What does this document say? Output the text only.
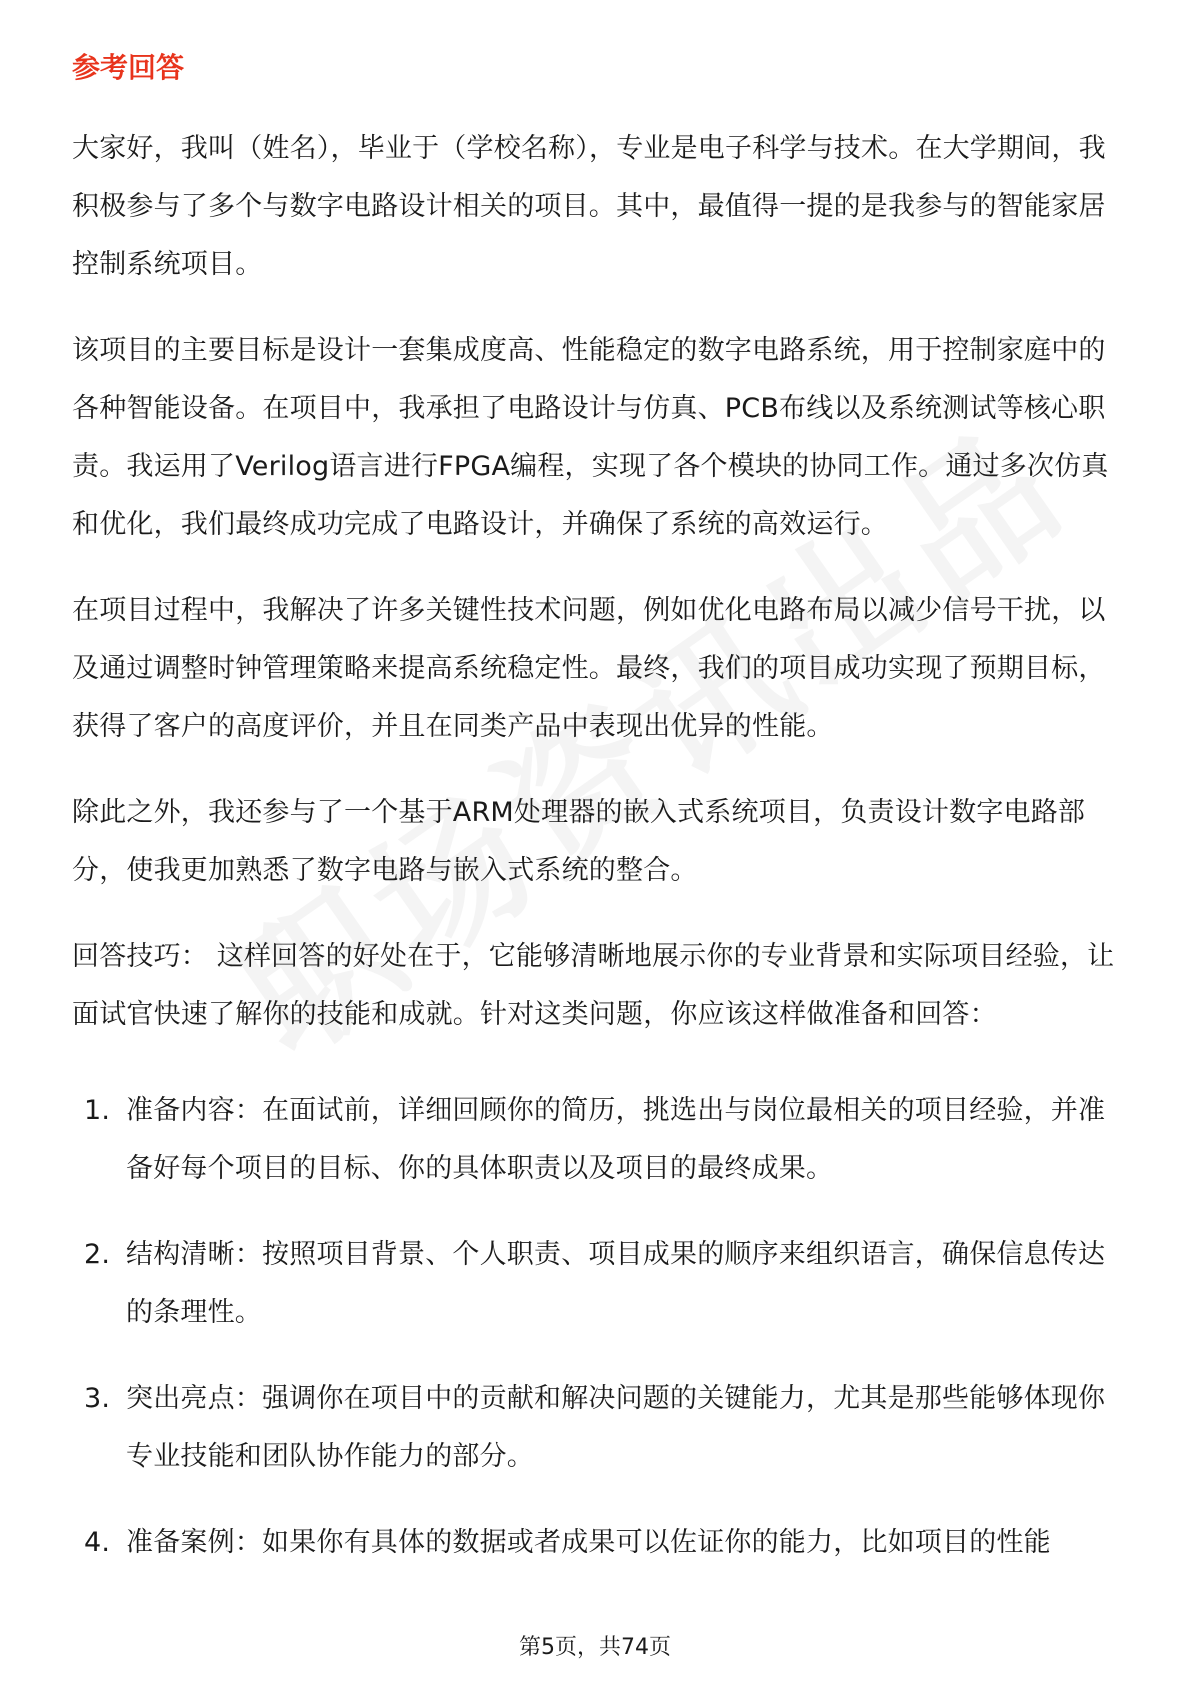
参考回答

大家好，我叫（姓名），毕业于（学校名称），专业是电子科学与技术。在大学期间，我积极参与了多个与数字电路设计相关的项目。其中，最值得一提的是我参与的智能家居控制系统项目。

该项目的主要目标是设计一套集成度高、性能稳定的数字电路系统，用于控制家庭中的各种智能设备。在项目中，我承担了电路设计与仿真、PCB布线以及系统测试等核心职责。我运用了Verilog语言进行FPGA编程，实现了各个模块的协同工作。通过多次仿真和优化，我们最终成功完成了电路设计，并确保了系统的高效运行。

在项目过程中，我解决了许多关键性技术问题，例如优化电路布局以减少信号干扰，以及通过调整时钟管理策略来提高系统稳定性。最终，我们的项目成功实现了预期目标，获得了客户的高度评价，并且在同类产品中表现出优异的性能。

除此之外，我还参与了一个基于ARM处理器的嵌入式系统项目，负责设计数字电路部分，使我更加熟悉了数字电路与嵌入式系统的整合。

回答技巧： 这样回答的好处在于，它能够清晰地展示你的专业背景和实际项目经验，让面试官快速了解你的技能和成就。针对这类问题，你应该这样做准备和回答：

1. 准备内容：在面试前，详细回顾你的简历，挑选出与岗位最相关的项目经验，并准备好每个项目的目标、你的具体职责以及项目的最终成果。
2. 结构清晰：按照项目背景、个人职责、项目成果的顺序来组织语言，确保信息传达的条理性。
3. 突出亮点：强调你在项目中的贡献和解决问题的关键能力，尤其是那些能够体现你专业技能和团队协作能力的部分。
4. 准备案例：如果你有具体的数据或者成果可以佐证你的能力，比如项目的性能
第5页，共74页
